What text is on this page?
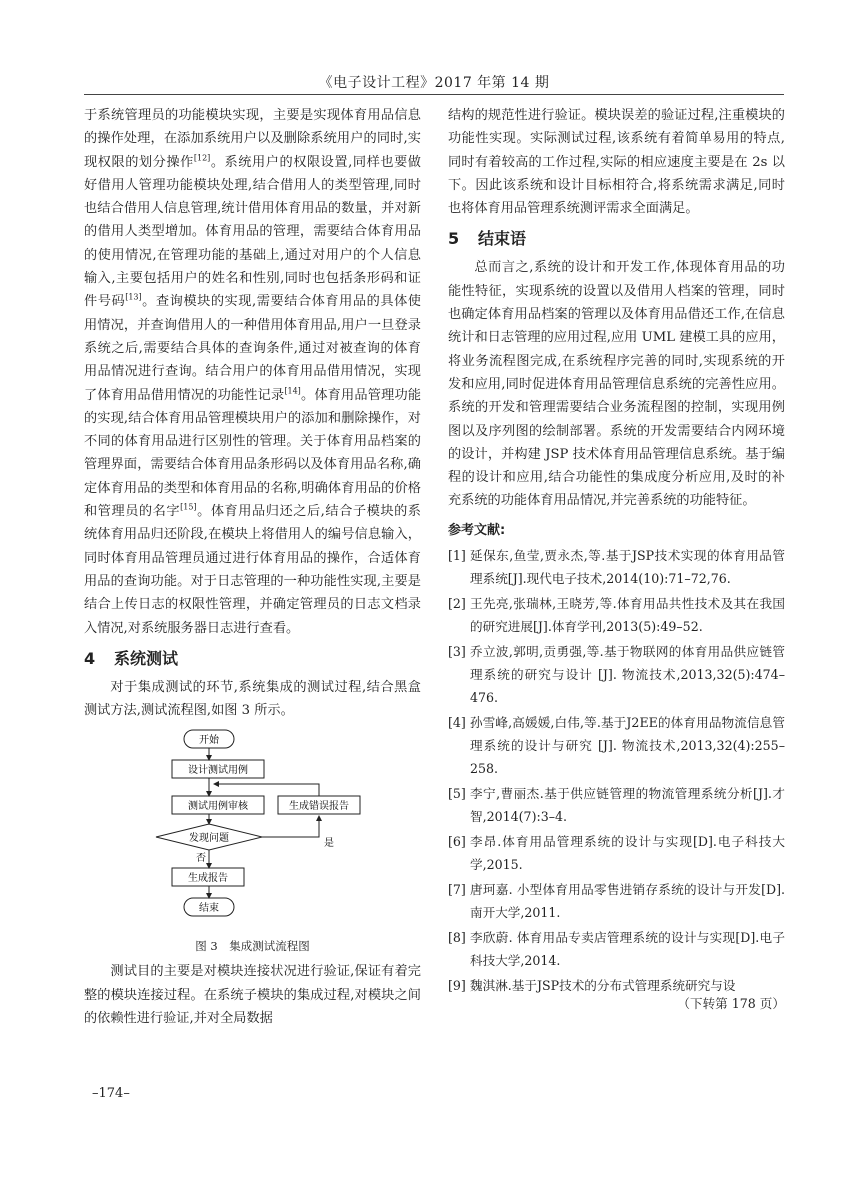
《电子设计工程》2017 年第 14 期

于系统管理员的功能模块实现，主要是实现体育用品信息的操作处理，在添加系统用户以及删除系统用户的同时,实现权限的划分操作[12]。系统用户的权限设置,同样也要做好借用人管理功能模块处理,结合借用人的类型管理,同时也结合借用人信息管理,统计借用体育用品的数量，并对新的借用人类型增加。体育用品的管理，需要结合体育用品的使用情况,在管理功能的基础上,通过对用户的个人信息输入,主要包括用户的姓名和性别,同时也包括条形码和证件号码[13]。查询模块的实现,需要结合体育用品的具体使用情况，并查询借用人的一种借用体育用品,用户一旦登录系统之后,需要结合具体的查询条件,通过对被查询的体育用品情况进行查询。结合用户的体育用品借用情况，实现了体育用品借用情况的功能性记录[14]。体育用品管理功能的实现,结合体育用品管理模块用户的添加和删除操作，对不同的体育用品进行区别性的管理。关于体育用品档案的管理界面，需要结合体育用品条形码以及体育用品名称,确定体育用品的类型和体育用品的名称,明确体育用品的价格和管理员的名字[15]。体育用品归还之后,结合子模块的系统体育用品归还阶段,在模块上将借用人的编号信息输入，同时体育用品管理员通过进行体育用品的操作，合适体育用品的查询功能。对于日志管理的一种功能性实现,主要是结合上传日志的权限性管理，并确定管理员的日志文档录入情况,对系统服务器日志进行查看。

4 系统测试

对于集成测试的环节,系统集成的测试过程,结合黑盒测试方法,测试流程图,如图 3 所示。

开始
设计测试用例
测试用例审核	生成错误报告
发现问题	是
否
生成报告
结束

图 3　集成测试流程图

测试目的主要是对模块连接状况进行验证,保证有着完整的模块连接过程。在系统子模块的集成过程,对模块之间的依赖性进行验证,并对全局数据

结构的规范性进行验证。模块误差的验证过程,注重模块的功能性实现。实际测试过程,该系统有着简单易用的特点,同时有着较高的工作过程,实际的相应速度主要是在 2s 以下。因此该系统和设计目标相符合,将系统需求满足,同时也将体育用品管理系统测评需求全面满足。

5 结束语

总而言之,系统的设计和开发工作,体现体育用品的功能性特征，实现系统的设置以及借用人档案的管理，同时也确定体育用品档案的管理以及体育用品借还工作,在信息统计和日志管理的应用过程,应用 UML 建模工具的应用，将业务流程图完成,在系统程序完善的同时,实现系统的开发和应用,同时促进体育用品管理信息系统的完善性应用。系统的开发和管理需要结合业务流程图的控制，实现用例图以及序列图的绘制部署。系统的开发需要结合内网环境的设计，并构建 JSP 技术体育用品管理信息系统。基于编程的设计和应用,结合功能性的集成度分析应用,及时的补充系统的功能体育用品情况,并完善系统的功能特征。

参考文献:
[1] 延保东,鱼莹,贾永杰,等.基于JSP技术实现的体育用品管理系统[J].现代电子技术,2014(10):71–72,76.
[2] 王先亮,张瑞林,王晓芳,等.体育用品共性技术及其在我国的研究进展[J].体育学刊,2013(5):49–52.
[3] 乔立波,郭明,贡勇强,等.基于物联网的体育用品供应链管理系统的研究与设计 [J]. 物流技术,2013,32(5):474–476.
[4] 孙雪峰,高媛媛,白伟,等.基于J2EE的体育用品物流信息管理系统的设计与研究 [J]. 物流技术,2013,32(4):255–258.
[5] 李宁,曹丽杰.基于供应链管理的物流管理系统分析[J].才智,2014(7):3–4.
[6] 李昂.体育用品管理系统的设计与实现[D].电子科技大学,2015.
[7] 唐珂嘉. 小型体育用品零售进销存系统的设计与开发[D].南开大学,2011.
[8] 李欣蔚. 体育用品专卖店管理系统的设计与实现[D].电子科技大学,2014.
[9] 魏淇淋.基于JSP技术的分布式管理系统研究与设
（下转第 178 页）
–174–
